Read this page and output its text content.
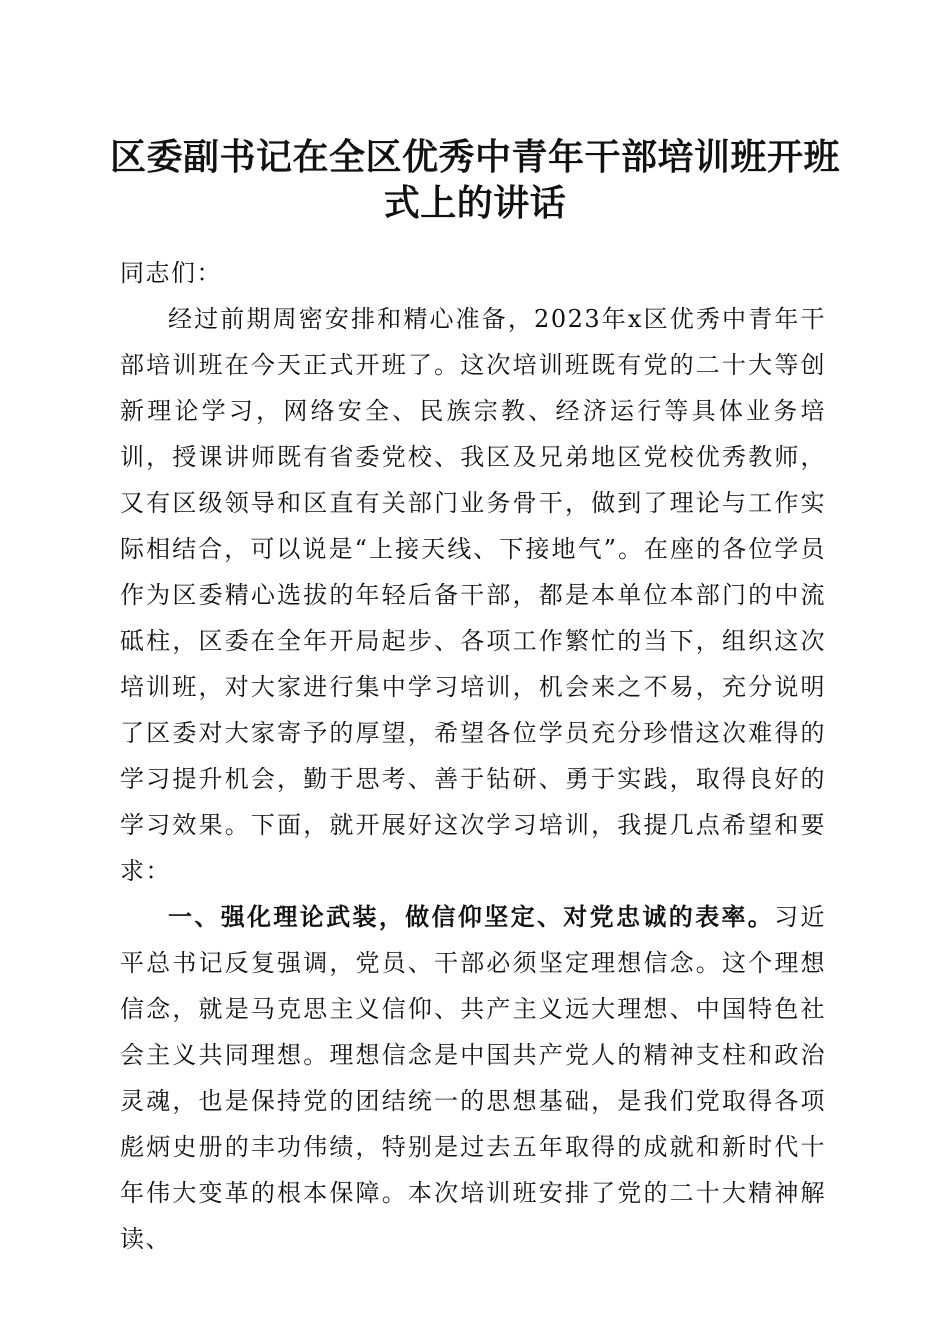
区委副书记在全区优秀中青年干部培训班开班式上的讲话

同志们：

经过前期周密安排和精心准备，2023年x区优秀中青年干部培训班在今天正式开班了。这次培训班既有党的二十大等创新理论学习，网络安全、民族宗教、经济运行等具体业务培训，授课讲师既有省委党校、我区及兄弟地区党校优秀教师，又有区级领导和区直有关部门业务骨干，做到了理论与工作实际相结合，可以说是“上接天线、下接地气”。在座的各位学员作为区委精心选拔的年轻后备干部，都是本单位本部门的中流砥柱，区委在全年开局起步、各项工作繁忙的当下，组织这次培训班，对大家进行集中学习培训，机会来之不易，充分说明了区委对大家寄予的厚望，希望各位学员充分珍惜这次难得的学习提升机会，勤于思考、善于钻研、勇于实践，取得良好的学习效果。下面，就开展好这次学习培训，我提几点希望和要求：

一、强化理论武装，做信仰坚定、对党忠诚的表率。习近平总书记反复强调，党员、干部必须坚定理想信念。这个理想信念，就是马克思主义信仰、共产主义远大理想、中国特色社会主义共同理想。理想信念是中国共产党人的精神支柱和政治灵魂，也是保持党的团结统一的思想基础，是我们党取得各项彪炳史册的丰功伟绩，特别是过去五年取得的成就和新时代十年伟大变革的根本保障。本次培训班安排了党的二十大精神解读、
